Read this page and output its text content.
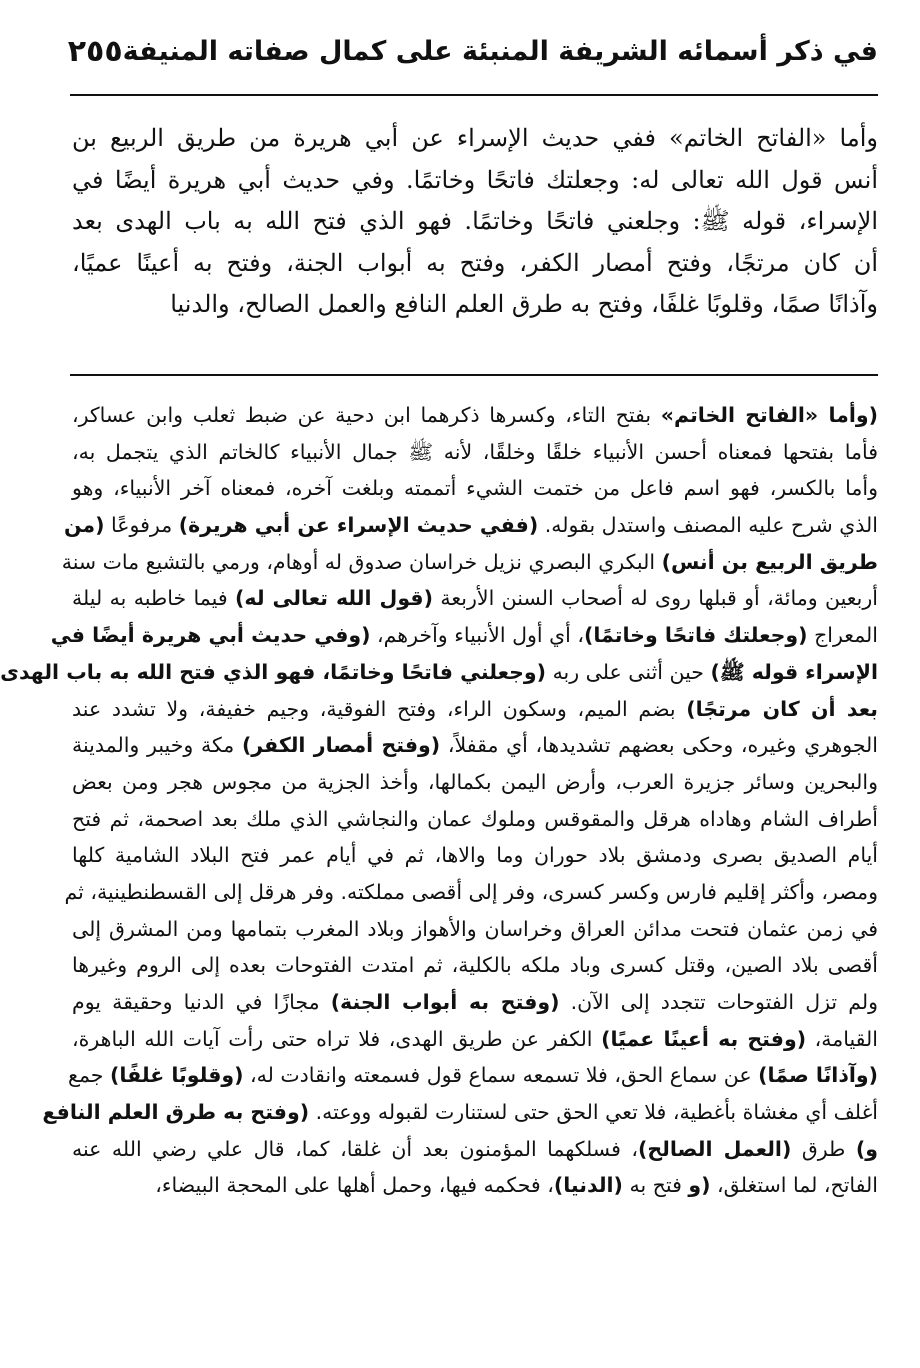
في ذكر أسمائه الشريفة المنبئة على كمال صفاته المنيفة
٢٥٥
وأما «الفاتح الخاتم» ففي حديث الإسراء عن أبي هريرة من طريق الربيع بن
أنس قول الله تعالى له: وجعلتك فاتحًا وخاتمًا. وفي حديث أبي هريرة أيضًا في
الإسراء، قوله ﷺ: وجلعني فاتحًا وخاتمًا. فهو الذي فتح الله به باب الهدى بعد
أن كان مرتجًا، وفتح أمصار الكفر، وفتح به أبواب الجنة، وفتح به أعينًا عميًا،
وآذانًا صمًا، وقلوبًا غلفًا، وفتح به طرق العلم النافع والعمل الصالح، والدنيا
(وأما «الفاتح الخاتم» بفتح التاء، وكسرها ذكرهما ابن دحية عن ضبط ثعلب وابن عساكر،
فأما بفتحها فمعناه أحسن الأنبياء خلقًا وخلقًا، لأنه ﷺ جمال الأنبياء كالخاتم الذي يتجمل به،
وأما بالكسر، فهو اسم فاعل من ختمت الشيء أتممته وبلغت آخره، فمعناه آخر الأنبياء، وهو
الذي شرح عليه المصنف واستدل بقوله. (ففي حديث الإسراء عن أبي هريرة) مرفوعًا (من
طريق الربيع بن أنس) البكري البصري نزيل خراسان صدوق له أوهام، ورمي بالتشيع مات سنة
أربعين ومائة، أو قبلها روى له أصحاب السنن الأربعة (قول الله تعالى له) فيما خاطبه به ليلة
المعراج (وجعلتك فاتحًا وخاتمًا)، أي أول الأنبياء وآخرهم، (وفي حديث أبي هريرة أيضًا في
الإسراء قوله ﷺ) حين أثنى على ربه (وجعلني فاتحًا وخاتمًا، فهو الذي فتح الله به باب الهدى
بعد أن كان مرتجًا) بضم الميم، وسكون الراء، وفتح الفوقية، وجيم خفيفة، ولا تشدد عند
الجوهري وغيره، وحكى بعضهم تشديدها، أي مقفلاً، (وفتح أمصار الكفر) مكة وخيبر والمدينة
والبحرين وسائر جزيرة العرب، وأرض اليمن بكمالها، وأخذ الجزية من مجوس هجر ومن بعض
أطراف الشام وهاداه هرقل والمقوقس وملوك عمان والنجاشي الذي ملك بعد اصحمة، ثم فتح
أيام الصديق بصرى ودمشق بلاد حوران وما والاها، ثم في أيام عمر فتح البلاد الشامية كلها
ومصر، وأكثر إقليم فارس وكسر كسرى، وفر إلى أقصى مملكته. وفر هرقل إلى القسطنطينية، ثم
في زمن عثمان فتحت مدائن العراق وخراسان والأهواز وبلاد المغرب بتمامها ومن المشرق إلى
أقصى بلاد الصين، وقتل كسرى وباد ملكه بالكلية، ثم امتدت الفتوحات بعده إلى الروم وغيرها
ولم تزل الفتوحات تتجدد إلى الآن. (وفتح به أبواب الجنة) مجازًا في الدنيا وحقيقة يوم
القيامة، (وفتح به أعينًا عميًا) الكفر عن طريق الهدى، فلا تراه حتى رأت آيات الله الباهرة،
(وآذانًا صمًا) عن سماع الحق، فلا تسمعه سماع قول فسمعته وانقادت له، (وقلوبًا غلفًا) جمع
أغلف أي مغشاة بأغطية، فلا تعي الحق حتى لستنارت لقبوله ووعته. (وفتح به طرق العلم النافع
و) طرق (العمل الصالح)، فسلكهما المؤمنون بعد أن غلقا، كما، قال علي رضي الله عنه
الفاتح، لما استغلق، (و فتح به (الدنيا)، فحكمه فيها، وحمل أهلها على المحجة البيضاء،
